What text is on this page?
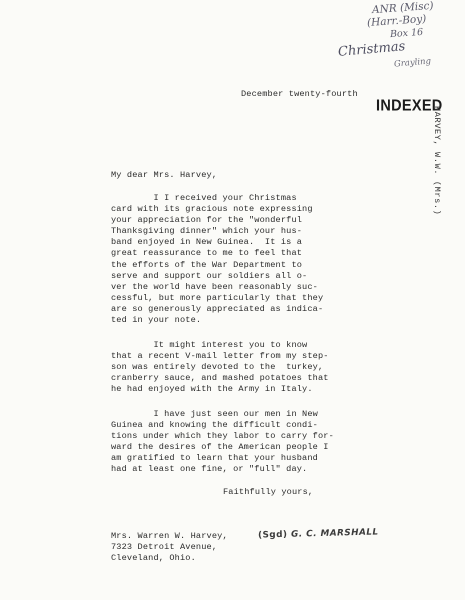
ANR (Misc)
(Harr.-Boy)
Box 16
Christmas
Grayling

December twenty-fourth

INDEXED
HARVEY, W.W. (Mrs.)

My dear Mrs. Harvey,

I I received your Christmas
card with its gracious note expressing
your appreciation for the "wonderful
Thanksgiving dinner" which your hus-
band enjoyed in New Guinea.  It is a
great reassurance to me to feel that
the efforts of the War Department to
serve and support our soldiers all o-
ver the world have been reasonably suc-
cessful, but more particularly that they
are so generously appreciated as indica-
ted in your note.

It might interest you to know
that a recent V-mail letter from my step-
son was entirely devoted to the  turkey,
cranberry sauce, and mashed potatoes that
he had enjoyed with the Army in Italy.

I have just seen our men in New
Guinea and knowing the difficult condi-
tions under which they labor to carry for-
ward the desires of the American people I
am gratified to learn that your husband
had at least one fine, or "full" day.

Faithfully yours,

Mrs. Warren W. Harvey,
7323 Detroit Avenue,
Cleveland, Ohio.
(Sgd) G. C. MARSHALL
